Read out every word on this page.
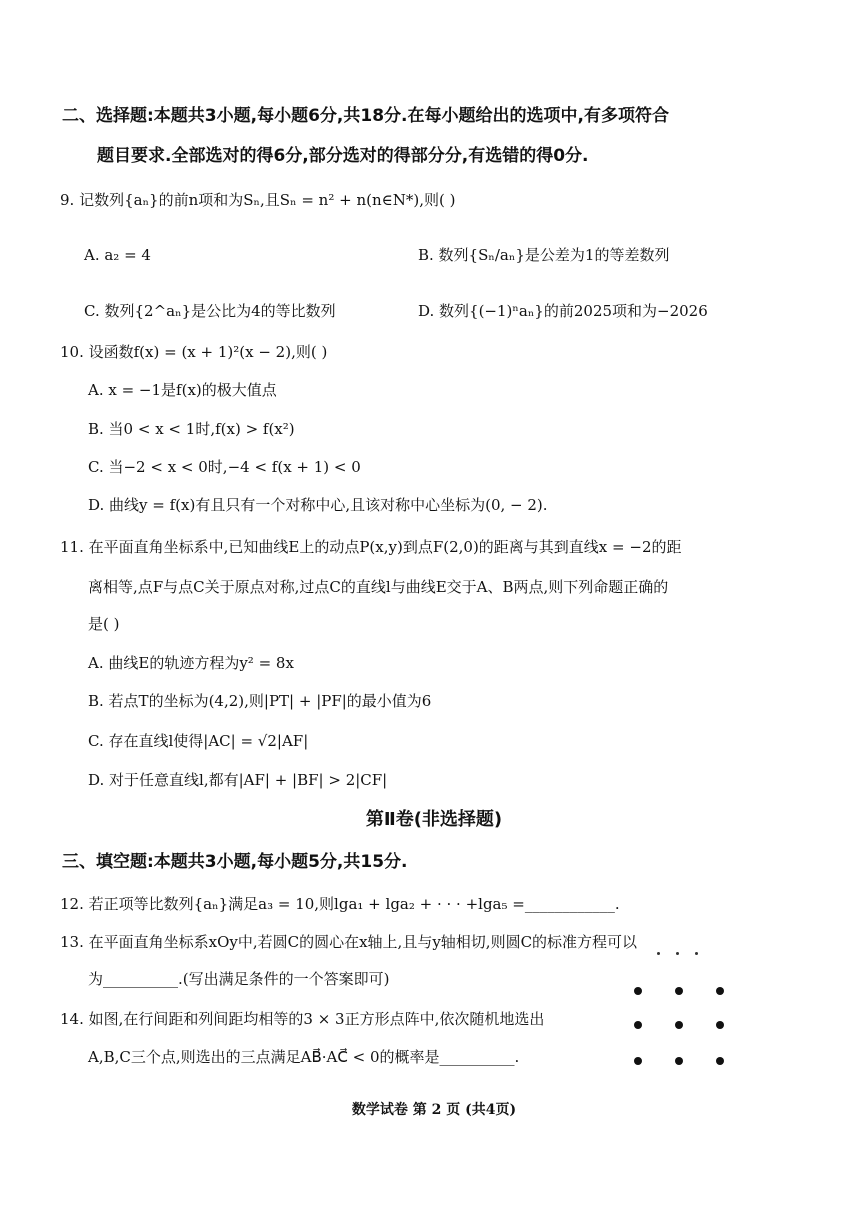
二、选择题:本题共3小题,每小题6分,共18分.在每小题给出的选项中,有多项符合
题目要求.全部选对的得6分,部分选对的得部分分,有选错的得0分.
9. 记数列{aₙ}的前n项和为Sₙ,且Sₙ = n² + n(n∈N*),则( )
A. a₂ = 4	B. 数列{Sₙ/aₙ}是公差为1的等差数列
C. 数列{2^aₙ}是公比为4的等比数列	D. 数列{(−1)ⁿaₙ}的前2025项和为−2026
10. 设函数f(x) = (x + 1)²(x − 2),则( )
A. x = −1是f(x)的极大值点
B. 当0 < x < 1时,f(x) > f(x²)
C. 当−2 < x < 0时,−4 < f(x + 1) < 0
D. 曲线y = f(x)有且只有一个对称中心,且该对称中心坐标为(0, − 2).
11. 在平面直角坐标系中,已知曲线E上的动点P(x,y)到点F(2,0)的距离与其到直线x = −2的距
离相等,点F与点C关于原点对称,过点C的直线l与曲线E交于A、B两点,则下列命题正确的
是( )
A. 曲线E的轨迹方程为y² = 8x
B. 若点T的坐标为(4,2),则|PT| + |PF|的最小值为6
C. 存在直线l使得|AC| = √2|AF|
D. 对于任意直线l,都有|AF| + |BF| > 2|CF|
第Ⅱ卷(非选择题)
三、填空题:本题共3小题,每小题5分,共15分.
12. 若正项等比数列{aₙ}满足a₃ = 10,则lga₁ + lga₂ + · · · +lga₅ =____________.
13. 在平面直角坐标系xOy中,若圆C的圆心在x轴上,且与y轴相切,则圆C的标准方程可以
为__________.(写出满足条件的一个答案即可)
14. 如图,在行间距和列间距均相等的3 × 3正方形点阵中,依次随机地选出
A,B,C三个点,则选出的三点满足AB⃗·AC⃗ < 0的概率是__________.
数学试卷 第 2 页 (共4页)
